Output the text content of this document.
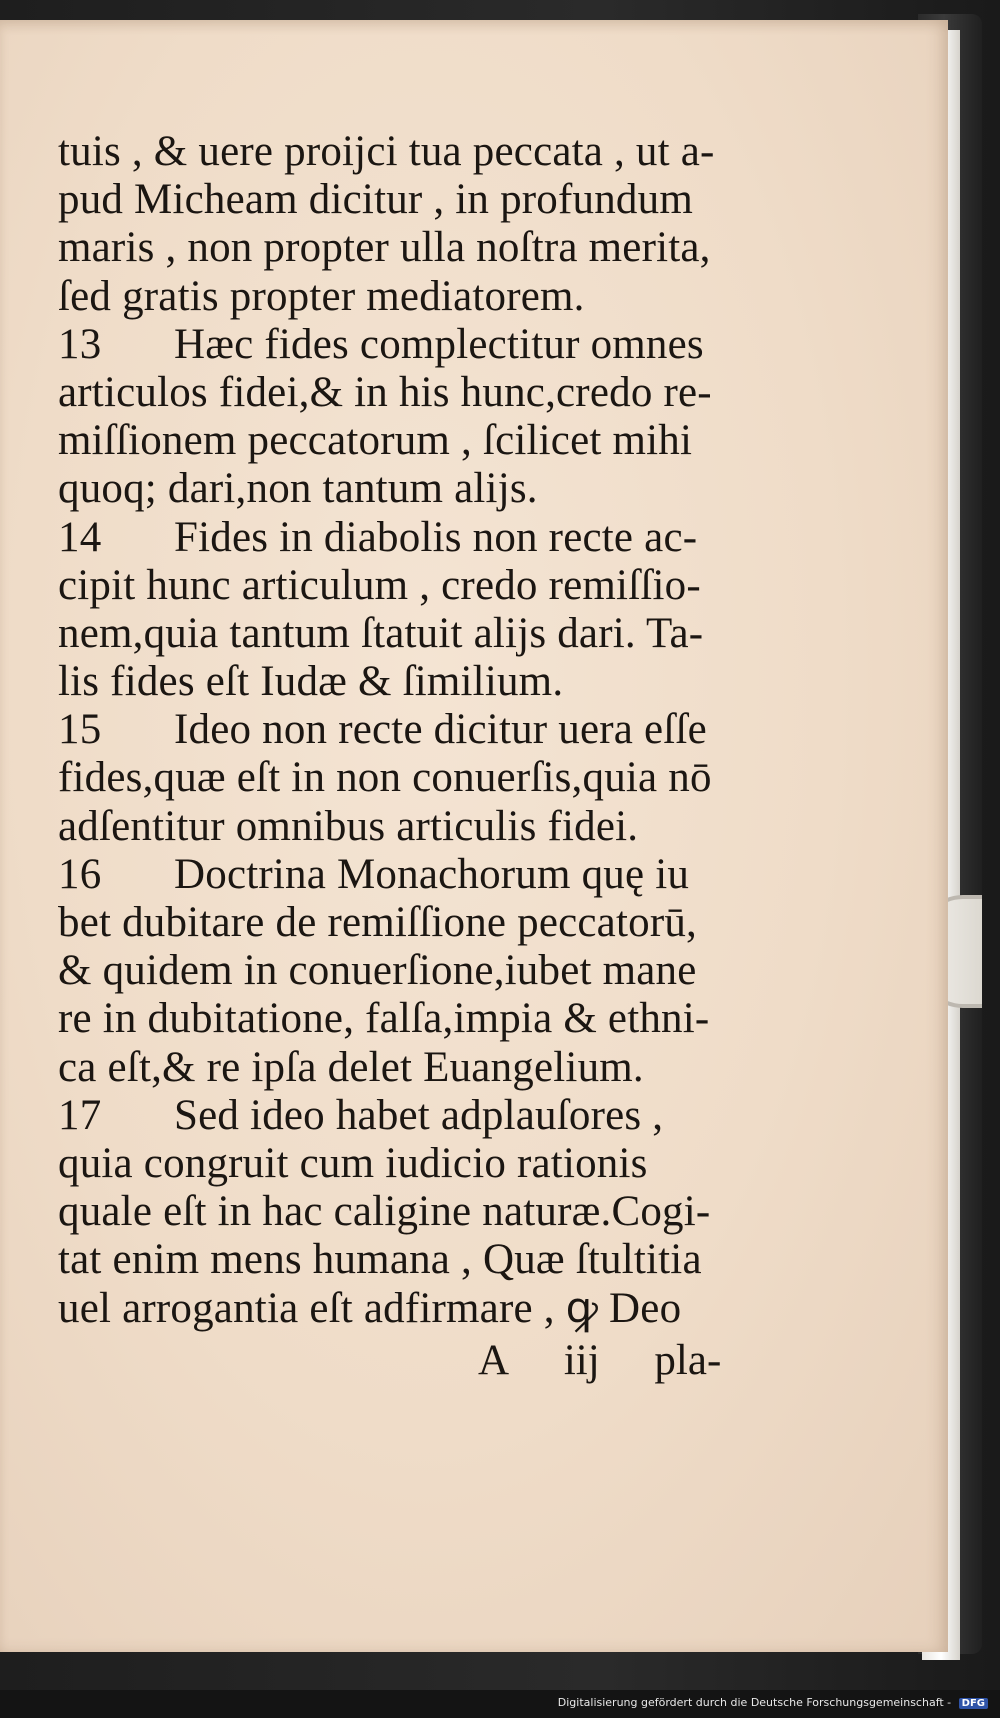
tuis , & uere proijci tua peccata , ut a-
pud Micheam dicitur , in profundum
maris , non propter ulla noſtra merita,
ſed gratis propter mediatorem.
13 Hæc fides complectitur omnes
articulos fidei,& in his hunc,credo re-
miſſionem peccatorum , ſcilicet mihi
quoq; dari,non tantum alijs.
14 Fides in diabolis non recte ac-
cipit hunc articulum , credo remiſſio-
nem,quia tantum ſtatuit alijs dari. Ta-
lis fides eſt Iudæ & ſimilium.
15 Ideo non recte dicitur uera eſſe
fides,quæ eſt in non conuerſis,quia nō
adſentitur omnibus articulis fidei.
16 Doctrina Monachorum quę iu
bet dubitare de remiſſione peccatorū,
& quidem in conuerſione,iubet mane
re in dubitatione, falſa,impia & ethni-
ca eſt,& re ipſa delet Euangelium.
17 Sed ideo habet adplauſores ,
quia congruit cum iudicio rationis
quale eſt in hac caligine naturæ.Cogi-
tat enim mens humana , Quæ ſtultitia
uel arrogantia eſt adfirmare , ꝙ Deo
A iij pla-
Digitalisierung gefördert durch die Deutsche Forschungsgemeinschaft - DFG
